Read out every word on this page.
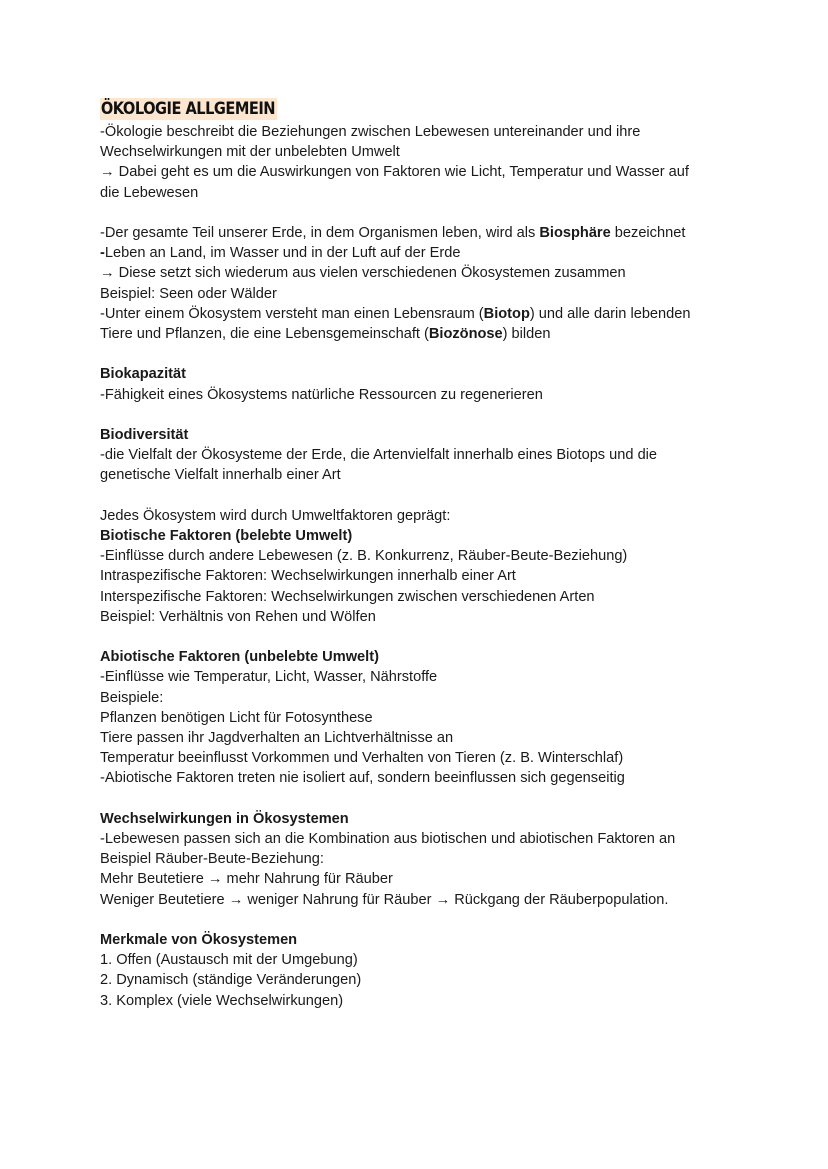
ÖKOLOGIE ALLGEMEIN
-Ökologie beschreibt die Beziehungen zwischen Lebewesen untereinander und ihre
Wechselwirkungen mit der unbelebten Umwelt
→ Dabei geht es um die Auswirkungen von Faktoren wie Licht, Temperatur und Wasser auf
die Lebewesen
-Der gesamte Teil unserer Erde, in dem Organismen leben, wird als Biosphäre bezeichnet
-Leben an Land, im Wasser und in der Luft auf der Erde
→ Diese setzt sich wiederum aus vielen verschiedenen Ökosystemen zusammen
Beispiel: Seen oder Wälder
-Unter einem Ökosystem versteht man einen Lebensraum (Biotop) und alle darin lebenden
Tiere und Pflanzen, die eine Lebensgemeinschaft (Biozönose) bilden
Biokapazität
-Fähigkeit eines Ökosystems natürliche Ressourcen zu regenerieren
Biodiversität
-die Vielfalt der Ökosysteme der Erde, die Artenvielfalt innerhalb eines Biotops und die
genetische Vielfalt innerhalb einer Art
Jedes Ökosystem wird durch Umweltfaktoren geprägt:
Biotische Faktoren (belebte Umwelt)
-Einflüsse durch andere Lebewesen (z. B. Konkurrenz, Räuber-Beute-Beziehung)
Intraspezifische Faktoren: Wechselwirkungen innerhalb einer Art
Interspezifische Faktoren: Wechselwirkungen zwischen verschiedenen Arten
Beispiel: Verhältnis von Rehen und Wölfen
Abiotische Faktoren (unbelebte Umwelt)
-Einflüsse wie Temperatur, Licht, Wasser, Nährstoffe
Beispiele:
Pflanzen benötigen Licht für Fotosynthese
Tiere passen ihr Jagdverhalten an Lichtverhältnisse an
Temperatur beeinflusst Vorkommen und Verhalten von Tieren (z. B. Winterschlaf)
-Abiotische Faktoren treten nie isoliert auf, sondern beeinflussen sich gegenseitig
Wechselwirkungen in Ökosystemen
-Lebewesen passen sich an die Kombination aus biotischen und abiotischen Faktoren an
Beispiel Räuber-Beute-Beziehung:
Mehr Beutetiere → mehr Nahrung für Räuber
Weniger Beutetiere → weniger Nahrung für Räuber → Rückgang der Räuberpopulation.
Merkmale von Ökosystemen
1. Offen (Austausch mit der Umgebung)
2. Dynamisch (ständige Veränderungen)
3. Komplex (viele Wechselwirkungen)
